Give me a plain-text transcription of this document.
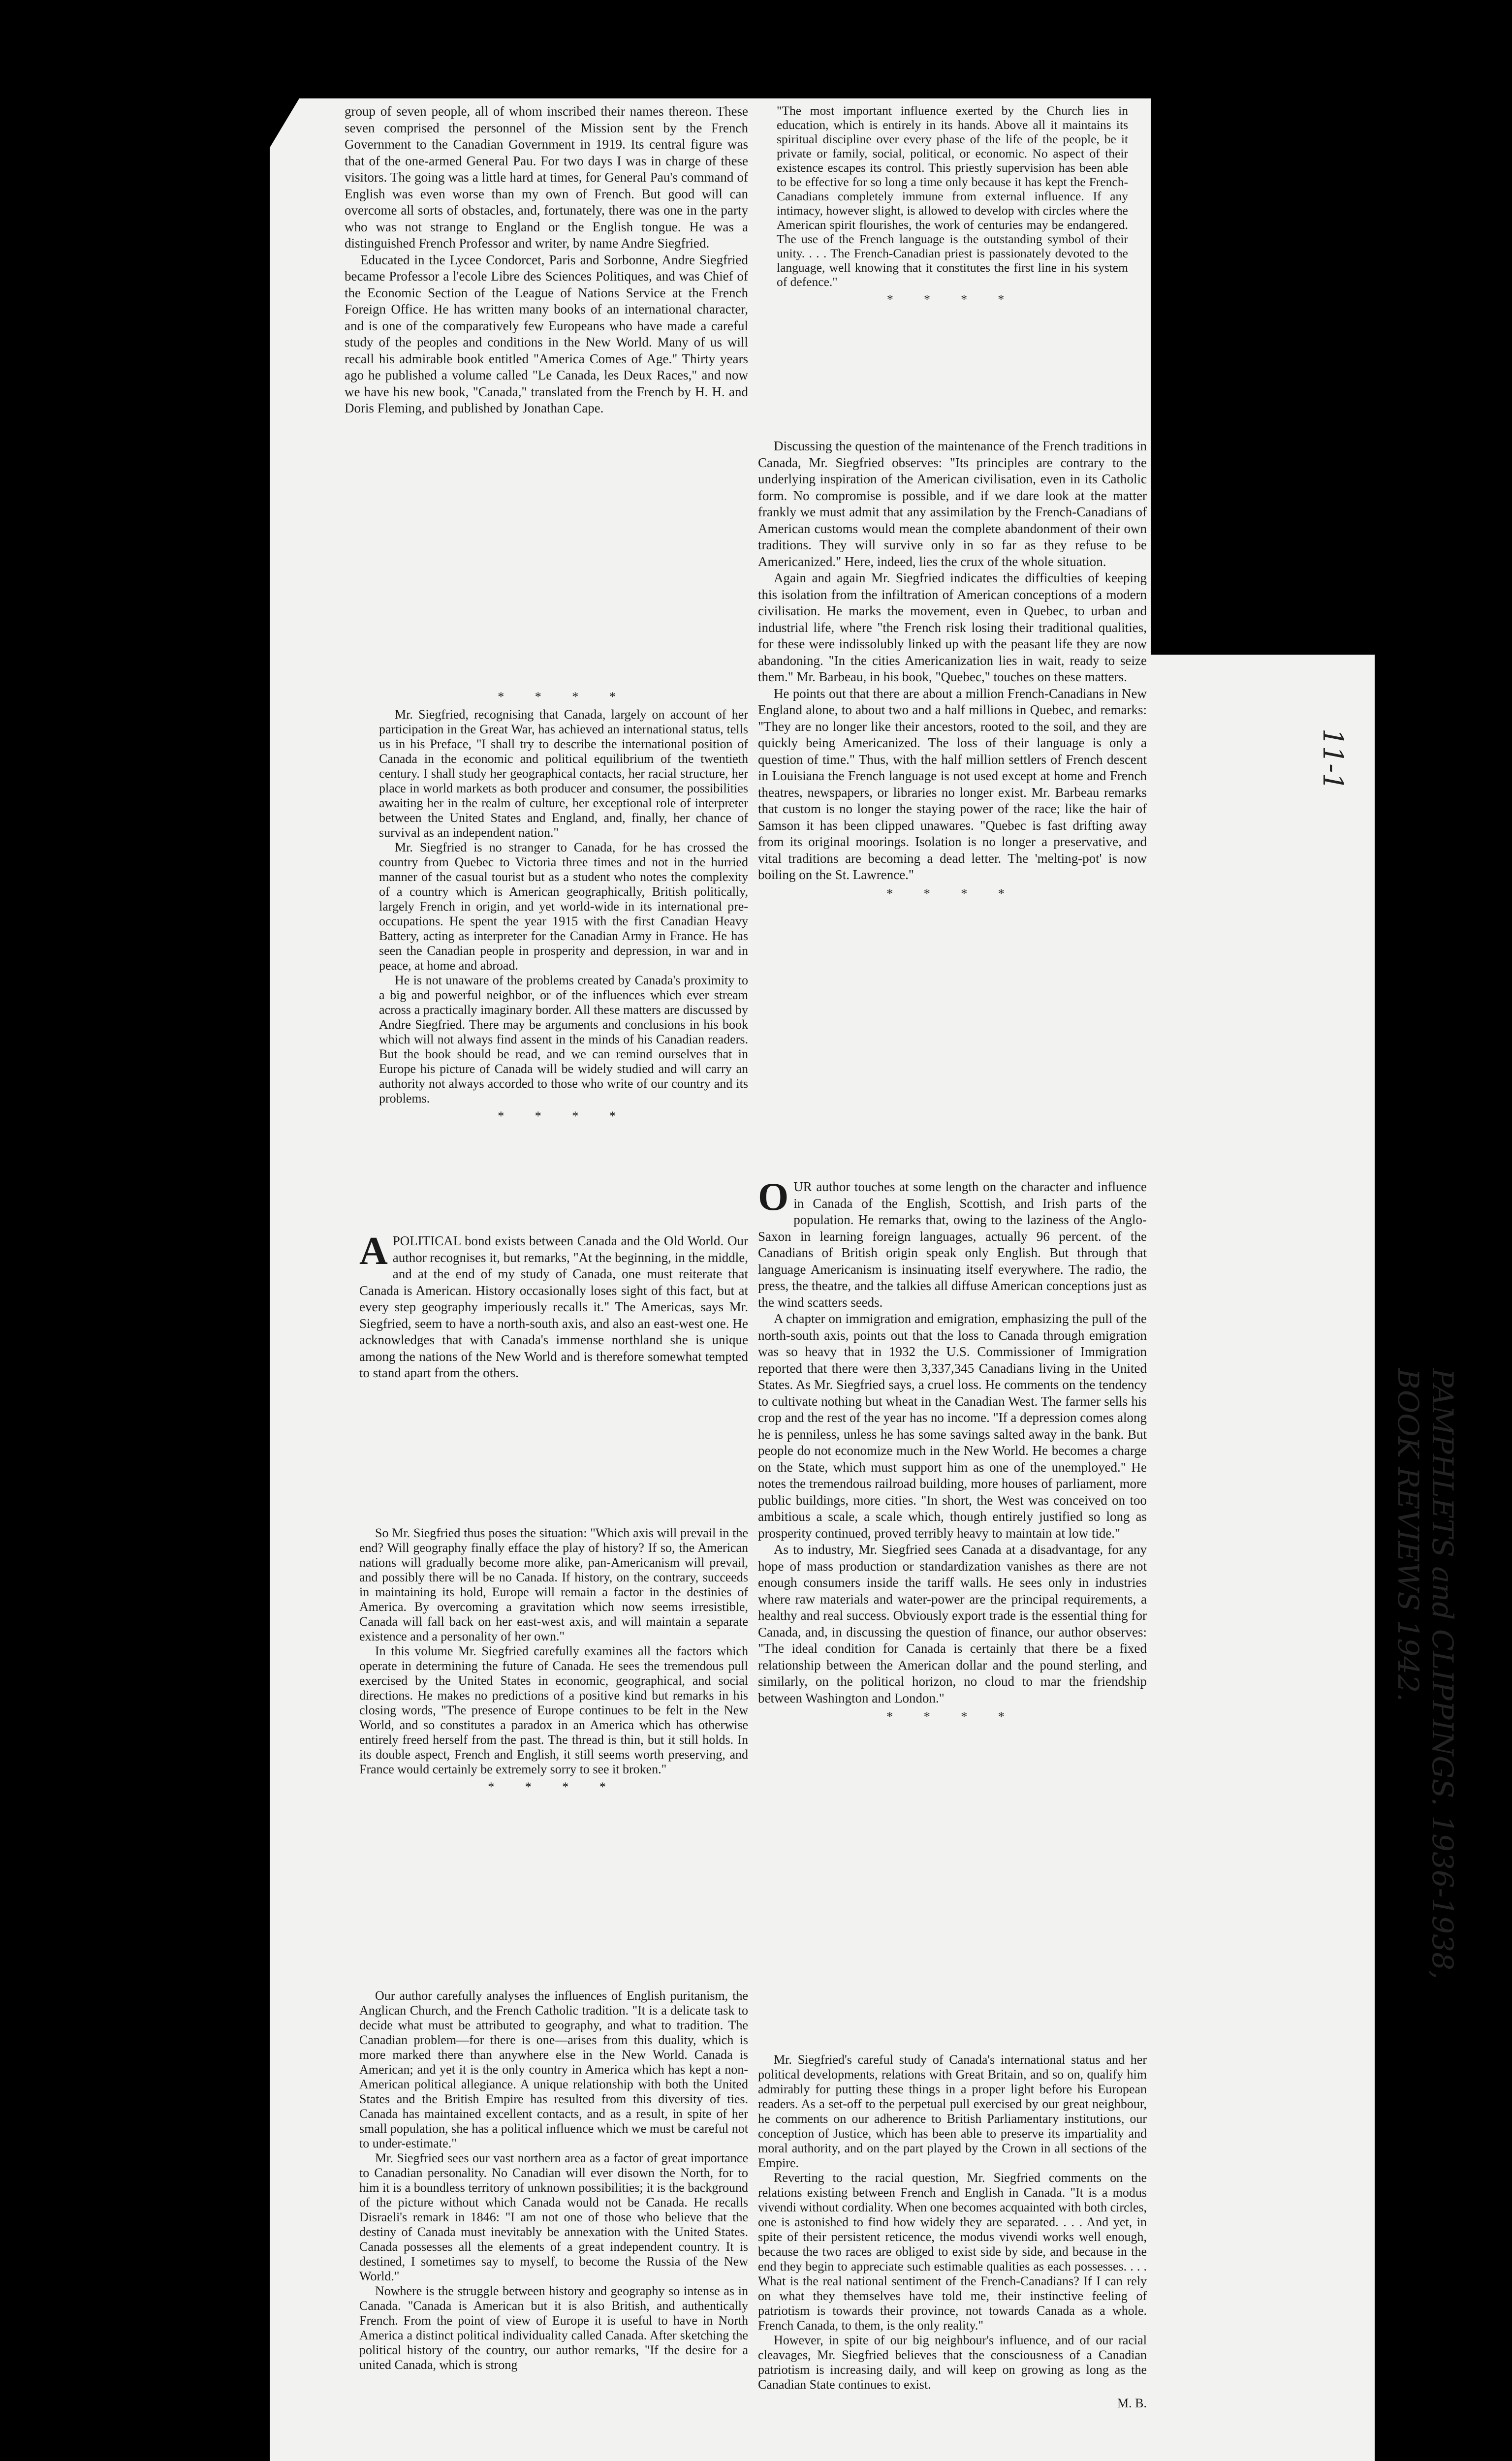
group of seven people, all of whom inscribed their names thereon. These seven comprised the personnel of the Mission sent by the French Government to the Canadian Government in 1919. Its central figure was that of the one-armed General Pau. For two days I was in charge of these visitors. The going was a little hard at times, for General Pau's command of English was even worse than my own of French. But good will can overcome all sorts of obstacles, and, fortunately, there was one in the party who was not strange to England or the English tongue. He was a distinguished French Professor and writer, by name Andre Siegfried.

Educated in the Lycee Condorcet, Paris and Sorbonne, Andre Siegfried became Professor a l'ecole Libre des Sciences Politiques, and was Chief of the Economic Section of the League of Nations Service at the French Foreign Office. He has written many books of an international character, and is one of the comparatively few Europeans who have made a careful study of the peoples and conditions in the New World. Many of us will recall his admirable book entitled "America Comes of Age." Thirty years ago he published a volume called "Le Canada, les Deux Races," and now we have his new book, "Canada," translated from the French by H. H. and Doris Fleming, and published by Jonathan Cape.

"The most important influence exerted by the Church lies in education, which is entirely in its hands. Above all it maintains its spiritual discipline over every phase of the life of the people, be it private or family, social, political, or economic. No aspect of their existence escapes its control. This priestly supervision has been able to be effective for so long a time only because it has kept the French-Canadians completely immune from external influence. If any intimacy, however slight, is allowed to develop with circles where the American spirit flourishes, the work of centuries may be endangered. The use of the French language is the outstanding symbol of their unity. . . . The French-Canadian priest is passionately devoted to the language, well knowing that it constitutes the first line in his system of defence."

* * * *

Discussing the question of the maintenance of the French traditions in Canada, Mr. Siegfried observes: "Its principles are contrary to the underlying inspiration of the American civilisation, even in its Catholic form. No compromise is possible, and if we dare look at the matter frankly we must admit that any assimilation by the French-Canadians of American customs would mean the complete abandonment of their own traditions. They will survive only in so far as they refuse to be Americanized." Here, indeed, lies the crux of the whole situation.

Again and again Mr. Siegfried indicates the difficulties of keeping this isolation from the infiltration of American conceptions of a modern civilisation. He marks the movement, even in Quebec, to urban and industrial life, where "the French risk losing their traditional qualities, for these were indissolubly linked up with the peasant life they are now abandoning. "In the cities Americanization lies in wait, ready to seize them." Mr. Barbeau, in his book, "Quebec," touches on these matters.

He points out that there are about a million French-Canadians in New England alone, to about two and a half millions in Quebec, and remarks: "They are no longer like their ancestors, rooted to the soil, and they are quickly being Americanized. The loss of their language is only a question of time." Thus, with the half million settlers of French descent in Louisiana the French language is not used except at home and French theatres, newspapers, or libraries no longer exist. Mr. Barbeau remarks that custom is no longer the staying power of the race; like the hair of Samson it has been clipped unawares. "Quebec is fast drifting away from its original moorings. Isolation is no longer a preservative, and vital traditions are becoming a dead letter. The 'melting-pot' is now boiling on the St. Lawrence."

* * * *

* * * *

Mr. Siegfried, recognising that Canada, largely on account of her participation in the Great War, has achieved an international status, tells us in his Preface, "I shall try to describe the international position of Canada in the economic and political equilibrium of the twentieth century. I shall study her geographical contacts, her racial structure, her place in world markets as both producer and consumer, the possibilities awaiting her in the realm of culture, her exceptional role of interpreter between the United States and England, and, finally, her chance of survival as an independent nation."

Mr. Siegfried is no stranger to Canada, for he has crossed the country from Quebec to Victoria three times and not in the hurried manner of the casual tourist but as a student who notes the complexity of a country which is American geographically, British politically, largely French in origin, and yet world-wide in its international pre-occupations. He spent the year 1915 with the first Canadian Heavy Battery, acting as interpreter for the Canadian Army in France. He has seen the Canadian people in prosperity and depression, in war and in peace, at home and abroad.

He is not unaware of the problems created by Canada's proximity to a big and powerful neighbor, or of the influences which ever stream across a practically imaginary border. All these matters are discussed by Andre Siegfried. There may be arguments and conclusions in his book which will not always find assent in the minds of his Canadian readers. But the book should be read, and we can remind ourselves that in Europe his picture of Canada will be widely studied and will carry an authority not always accorded to those who write of our country and its problems.

* * * *

APOLITICAL bond exists between Canada and the Old World. Our author recognises it, but remarks, "At the beginning, in the middle, and at the end of my study of Canada, one must reiterate that Canada is American. History occasionally loses sight of this fact, but at every step geography imperiously recalls it." The Americas, says Mr. Siegfried, seem to have a north-south axis, and also an east-west one. He acknowledges that with Canada's immense northland she is unique among the nations of the New World and is therefore somewhat tempted to stand apart from the others.

So Mr. Siegfried thus poses the situation: "Which axis will prevail in the end? Will geography finally efface the play of history? If so, the American nations will gradually become more alike, pan-Americanism will prevail, and possibly there will be no Canada. If history, on the contrary, succeeds in maintaining its hold, Europe will remain a factor in the destinies of America. By overcoming a gravitation which now seems irresistible, Canada will fall back on her east-west axis, and will maintain a separate existence and a personality of her own."

In this volume Mr. Siegfried carefully examines all the factors which operate in determining the future of Canada. He sees the tremendous pull exercised by the United States in economic, geographical, and social directions. He makes no predictions of a positive kind but remarks in his closing words, "The presence of Europe continues to be felt in the New World, and so constitutes a paradox in an America which has otherwise entirely freed herself from the past. The thread is thin, but it still holds. In its double aspect, French and English, it still seems worth preserving, and France would certainly be extremely sorry to see it broken."

* * * *

Our author carefully analyses the influences of English puritanism, the Anglican Church, and the French Catholic tradition. "It is a delicate task to decide what must be attributed to geography, and what to tradition. The Canadian problem—for there is one—arises from this duality, which is more marked there than anywhere else in the New World. Canada is American; and yet it is the only country in America which has kept a non-American political allegiance. A unique relationship with both the United States and the British Empire has resulted from this diversity of ties. Canada has maintained excellent contacts, and as a result, in spite of her small population, she has a political influence which we must be careful not to under-estimate."

Mr. Siegfried sees our vast northern area as a factor of great importance to Canadian personality. No Canadian will ever disown the North, for to him it is a boundless territory of unknown possibilities; it is the background of the picture without which Canada would not be Canada. He recalls Disraeli's remark in 1846: "I am not one of those who believe that the destiny of Canada must inevitably be annexation with the United States. Canada possesses all the elements of a great independent country. It is destined, I sometimes say to myself, to become the Russia of the New World."

Nowhere is the struggle between history and geography so intense as in Canada. "Canada is American but it is also British, and authentically French. From the point of view of Europe it is useful to have in North America a distinct political individuality called Canada. After sketching the political history of the country, our author remarks, "If the desire for a united Canada, which is strong

OUR author touches at some length on the character and influence in Canada of the English, Scottish, and Irish parts of the population. He remarks that, owing to the laziness of the Anglo-Saxon in learning foreign languages, actually 96 percent. of the Canadians of British origin speak only English. But through that language Americanism is insinuating itself everywhere. The radio, the press, the theatre, and the talkies all diffuse American conceptions just as the wind scatters seeds.

A chapter on immigration and emigration, emphasizing the pull of the north-south axis, points out that the loss to Canada through emigration was so heavy that in 1932 the U.S. Commissioner of Immigration reported that there were then 3,337,345 Canadians living in the United States. As Mr. Siegfried says, a cruel loss. He comments on the tendency to cultivate nothing but wheat in the Canadian West. The farmer sells his crop and the rest of the year has no income. "If a depression comes along he is penniless, unless he has some savings salted away in the bank. But people do not economize much in the New World. He becomes a charge on the State, which must support him as one of the unemployed." He notes the tremendous railroad building, more houses of parliament, more public buildings, more cities. "In short, the West was conceived on too ambitious a scale, a scale which, though entirely justified so long as prosperity continued, proved terribly heavy to maintain at low tide."

As to industry, Mr. Siegfried sees Canada at a disadvantage, for any hope of mass production or standardization vanishes as there are not enough consumers inside the tariff walls. He sees only in industries where raw materials and water-power are the principal requirements, a healthy and real success. Obviously export trade is the essential thing for Canada, and, in discussing the question of finance, our author observes: "The ideal condition for Canada is certainly that there be a fixed relationship between the American dollar and the pound sterling, and similarly, on the political horizon, no cloud to mar the friendship between Washington and London."

* * * *

Mr. Siegfried's careful study of Canada's international status and her political developments, relations with Great Britain, and so on, qualify him admirably for putting these things in a proper light before his European readers. As a set-off to the perpetual pull exercised by our great neighbour, he comments on our adherence to British Parliamentary institutions, our conception of Justice, which has been able to preserve its impartiality and moral authority, and on the part played by the Crown in all sections of the Empire.

Reverting to the racial question, Mr. Siegfried comments on the relations existing between French and English in Canada. "It is a modus vivendi without cordiality. When one becomes acquainted with both circles, one is astonished to find how widely they are separated. . . . And yet, in spite of their persistent reticence, the modus vivendi works well enough, because the two races are obliged to exist side by side, and because in the end they begin to appreciate such estimable qualities as each possesses. . . . What is the real national sentiment of the French-Canadians? If I can rely on what they themselves have told me, their instinctive feeling of patriotism is towards their province, not towards Canada as a whole. French Canada, to them, is the only reality."

However, in spite of our big neighbour's influence, and of our racial cleavages, Mr. Siegfried believes that the consciousness of a Canadian patriotism is increasing daily, and will keep on growing as long as the Canadian State continues to exist.

M. B.

11-1
PAMPHLETS and CLIPPINGS. 1936-1938,
BOOK REVIEWS 1942.
